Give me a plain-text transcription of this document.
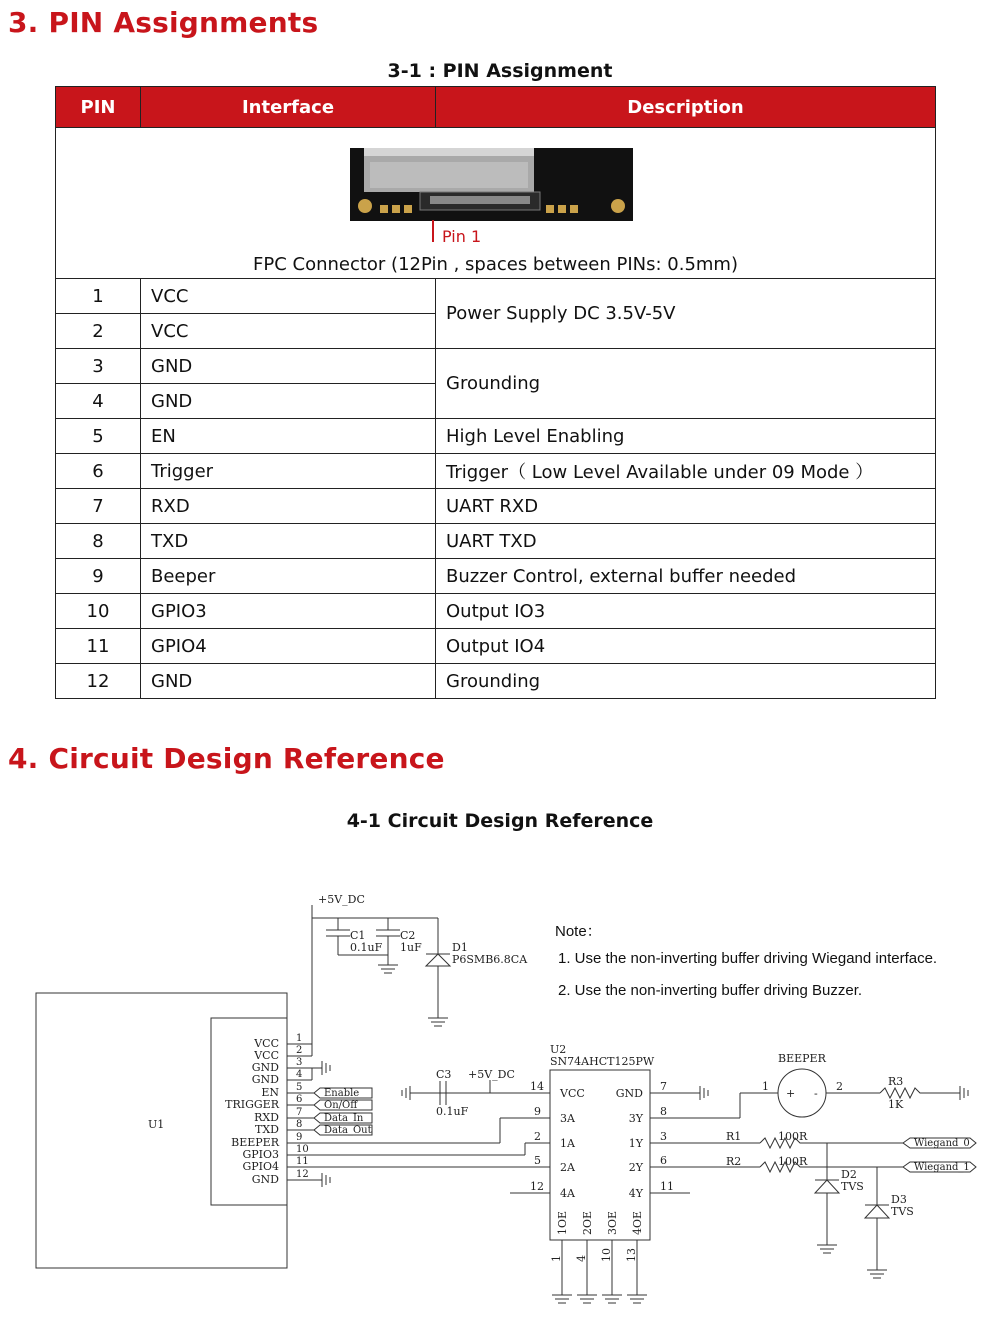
3. PIN Assignments
3-1 : PIN Assignment
Pin 1
FPC Connector (12Pin , spaces between PINs: 0.5mm)		

PIN	Interface	Description
1	VCC	Power Supply DC 3.5V-5V
2	VCC	
3	GND	Grounding
4	GND	
5	EN	High Level Enabling
6	Trigger	Trigger（ Low Level Available under 09 Mode ）
7	RXD	UART RXD
8	TXD	UART TXD
9	Beeper	Buzzer Control, external buffer needed
10	GPIO3	Output IO3
11	GPIO4	Output IO4
12	GND	Grounding
4. Circuit Design Reference
4-1 Circuit Design Reference
+5V_DC
C1
0.1uF
C2
1uF	D1
P6SMB6.8CA
U1
VCC
VCC
GND
GND
EN
TRIGGER
RXD
TXD
BEEPER
GPIO3
GPIO4
GND
1
2
3
4
5
6
7
8
9
10
11
12
Enable
On/Off
Data_In
Data_Out
C3
0.1uF
+5V_DC
U2
SN74AHCT125PW
VCC
3A
1A
2A
4A
14
9
2
5
12
GND
3Y
1Y
2Y
4Y
7
8
3
6
11
1OE 2OE 3OE 4OE
1 4 10 13
BEEPER
1	2
+ -
R3
1K
R1	100R
R2	100R
Wiegand_0
Wiegand_1
D2
TVS
D3
TVS
Note：
1. Use the non-inverting buffer driving Wiegand interface.
2. Use the non-inverting buffer driving Buzzer.
